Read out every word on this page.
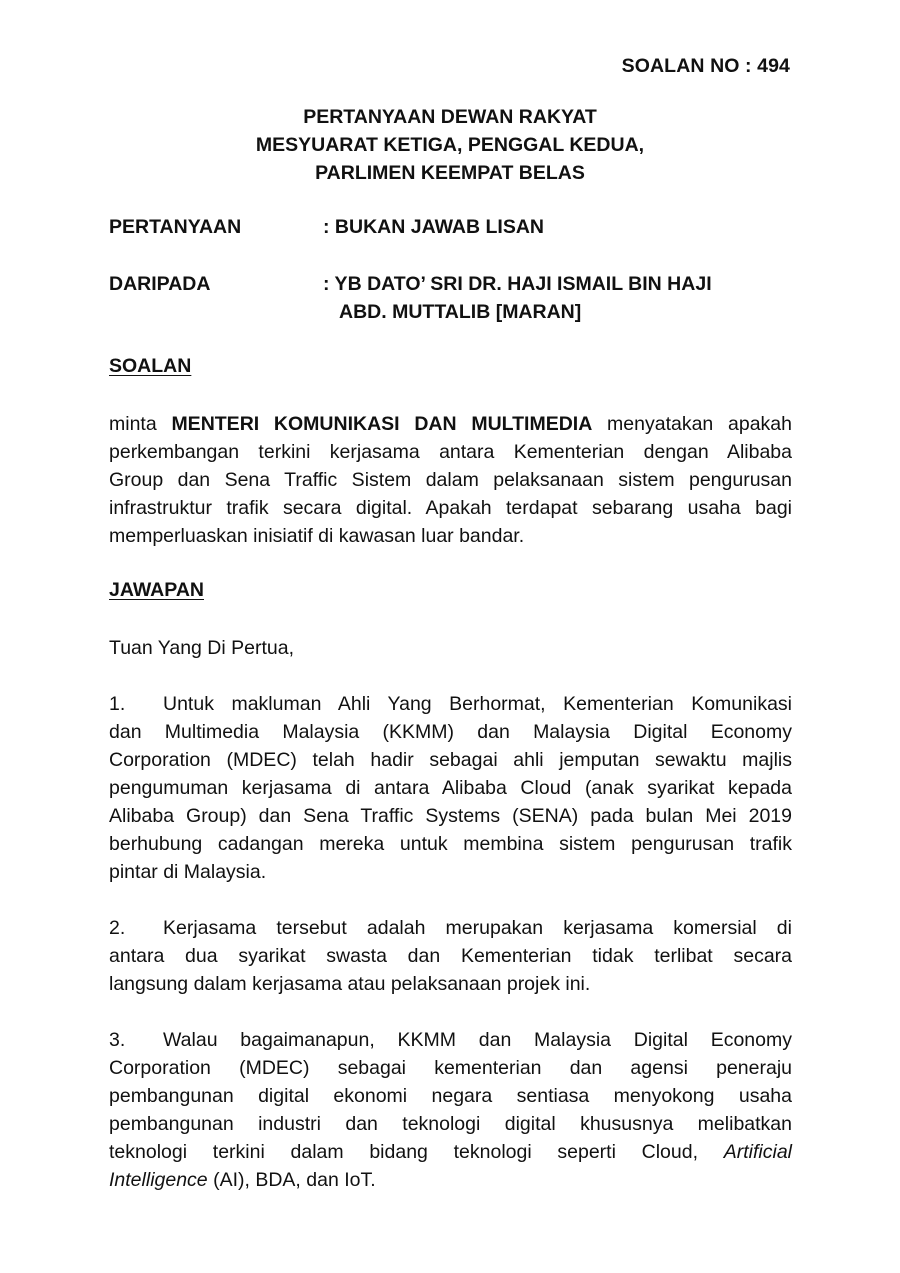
SOALAN NO : 494
PERTANYAAN DEWAN RAKYAT
MESYUARAT KETIGA, PENGGAL KEDUA,
PARLIMEN KEEMPAT BELAS
PERTANYAAN	: BUKAN JAWAB LISAN
DARIPADA	: YB DATO’ SRI DR. HAJI ISMAIL BIN HAJI
ABD. MUTTALIB [MARAN]
SOALAN
minta MENTERI KOMUNIKASI DAN MULTIMEDIA menyatakan apakah
perkembangan terkini kerjasama antara Kementerian dengan Alibaba
Group dan Sena Traffic Sistem dalam pelaksanaan sistem pengurusan
infrastruktur trafik secara digital. Apakah terdapat sebarang usaha bagi
memperluaskan inisiatif di kawasan luar bandar.
JAWAPAN
Tuan Yang Di Pertua,
1. Untuk makluman Ahli Yang Berhormat, Kementerian Komunikasi
dan Multimedia Malaysia (KKMM) dan Malaysia Digital Economy
Corporation (MDEC) telah hadir sebagai ahli jemputan sewaktu majlis
pengumuman kerjasama di antara Alibaba Cloud (anak syarikat kepada
Alibaba Group) dan Sena Traffic Systems (SENA) pada bulan Mei 2019
berhubung cadangan mereka untuk membina sistem pengurusan trafik
pintar di Malaysia.
2. Kerjasama tersebut adalah merupakan kerjasama komersial di
antara dua syarikat swasta dan Kementerian tidak terlibat secara
langsung dalam kerjasama atau pelaksanaan projek ini.
3. Walau bagaimanapun, KKMM dan Malaysia Digital Economy
Corporation (MDEC) sebagai kementerian dan agensi peneraju
pembangunan digital ekonomi negara sentiasa menyokong usaha
pembangunan industri dan teknologi digital khususnya melibatkan
teknologi terkini dalam bidang teknologi seperti Cloud, Artificial
Intelligence (AI), BDA, dan IoT.
